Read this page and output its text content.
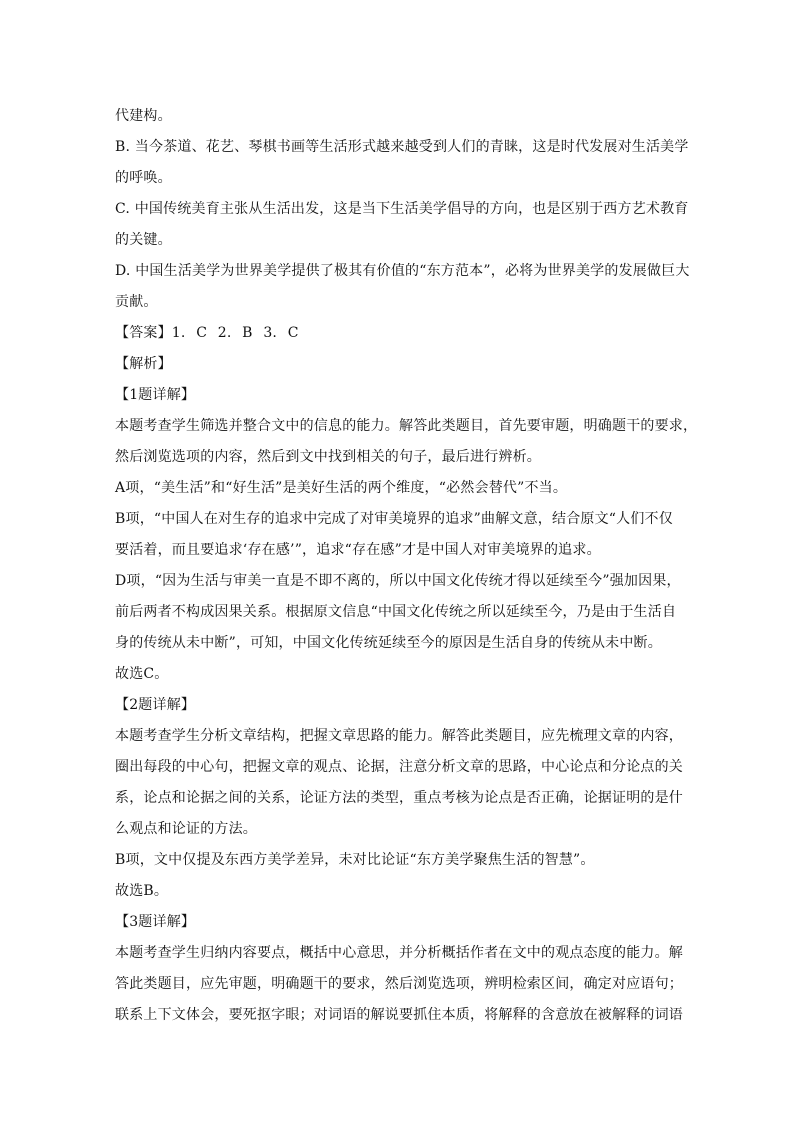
代建构。
B. 当今茶道、花艺、琴棋书画等生活形式越来越受到人们的青睐，这是时代发展对生活美学
的呼唤。
C. 中国传统美育主张从生活出发，这是当下生活美学倡导的方向，也是区别于西方艺术教育
的关键。
D. 中国生活美学为世界美学提供了极其有价值的“东方范本”，必将为世界美学的发展做巨大
贡献。
【答案】1. C 2. B 3. C
【解析】
【1题详解】
本题考查学生筛选并整合文中的信息的能力。解答此类题目，首先要审题，明确题干的要求，
然后浏览选项的内容，然后到文中找到相关的句子，最后进行辨析。
A项，“美生活”和“好生活”是美好生活的两个维度，“必然会替代”不当。
B项，“中国人在对生存的追求中完成了对审美境界的追求”曲解文意，结合原文“人们不仅
要活着，而且要追求‘存在感’”，追求“存在感”才是中国人对审美境界的追求。
D项，“因为生活与审美一直是不即不离的，所以中国文化传统才得以延续至今”强加因果，
前后两者不构成因果关系。根据原文信息“中国文化传统之所以延续至今，乃是由于生活自
身的传统从未中断”，可知，中国文化传统延续至今的原因是生活自身的传统从未中断。
故选C。
【2题详解】
本题考查学生分析文章结构，把握文章思路的能力。解答此类题目，应先梳理文章的内容，
圈出每段的中心句，把握文章的观点、论据，注意分析文章的思路，中心论点和分论点的关
系，论点和论据之间的关系，论证方法的类型，重点考核为论点是否正确，论据证明的是什
么观点和论证的方法。
B项，文中仅提及东西方美学差异，未对比论证“东方美学聚焦生活的智慧”。
故选B。
【3题详解】
本题考查学生归纳内容要点，概括中心意思，并分析概括作者在文中的观点态度的能力。解
答此类题目，应先审题，明确题干的要求，然后浏览选项，辨明检索区间，确定对应语句；
联系上下文体会，要死抠字眼；对词语的解说要抓住本质，将解释的含意放在被解释的词语
